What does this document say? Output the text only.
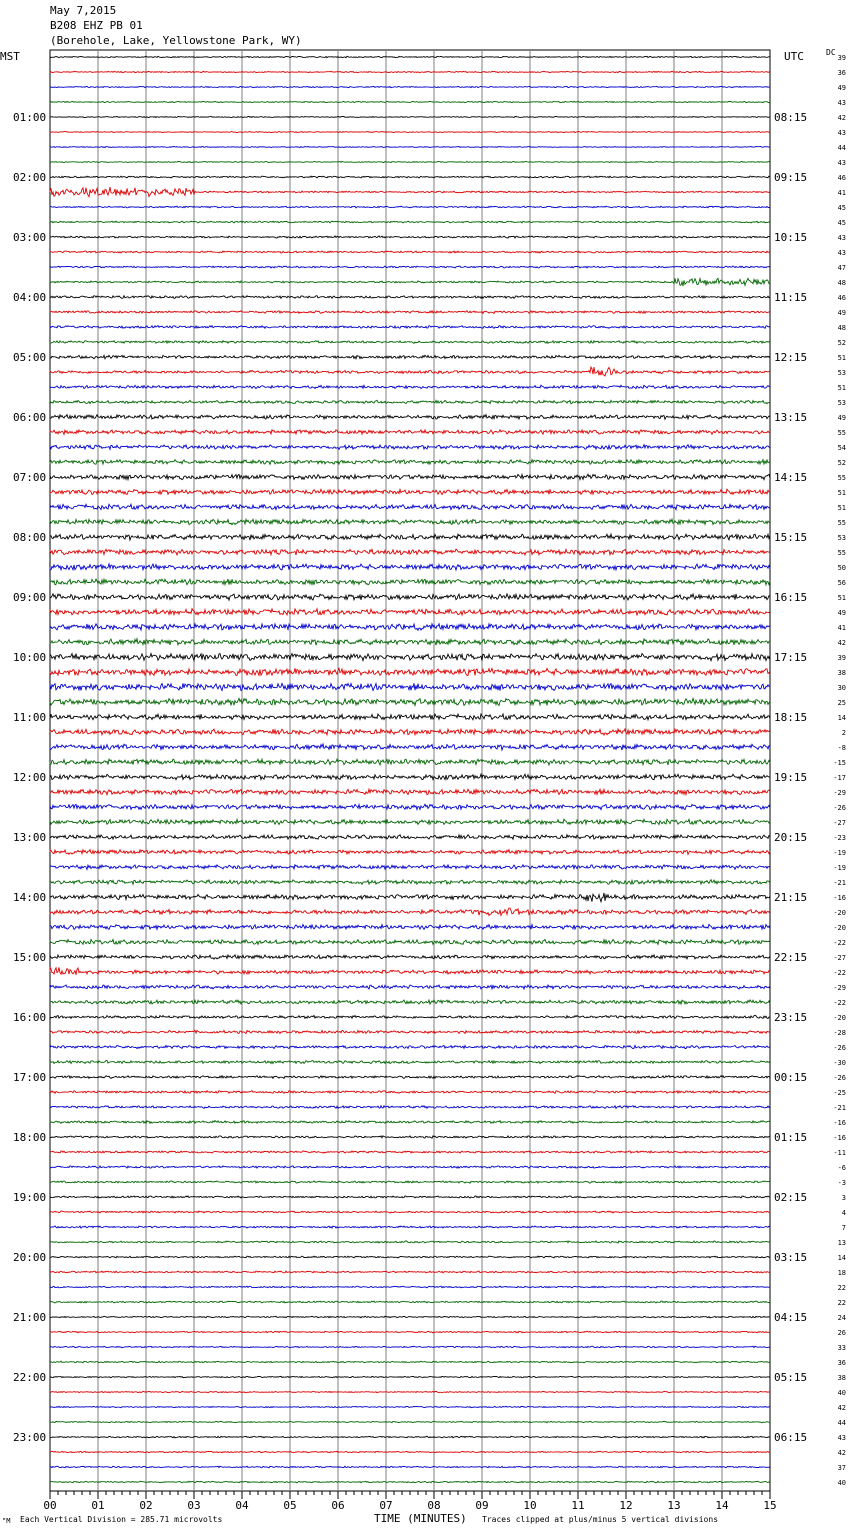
01:00
02:00
03:00
04:00
05:00
06:00
07:00
08:00
09:00
10:00
11:00
12:00
13:00
14:00
15:00
16:00
17:00
18:00
19:00
20:00
21:00
22:00
23:00
08:15
09:15
10:15
11:15
12:15
13:15
14:15
15:15
16:15
17:15
18:15
19:15
20:15
21:15
22:15
23:15
00:15
01:15
02:15
03:15
04:15
05:15
06:15
39
36
49
43
42
43
44
43
46
41
45
45
43
43
47
48
46
49
48
52
51
53
51
53
49
55
54
52
55
51
51
55
53
55
50
56
51
49
41
42
39
38
30
25
14
2
-8
-15
-17
-29
-26
-27
-23
-19
-19
-21
-16
-20
-20
-22
-27
-22
-29
-22
-20
-28
-26
-30
-26
-25
-21
-16
-16
-11
-6
-3
3
4
7
13
14
18
22
22
24
26
33
36
38
40
42
44
43
42
37
40
00	01	02	03	04	05	06	07	08	09	10	11	12	13	14	15
May 7,2015
B208 EHZ PB 01
(Borehole, Lake, Yellowstone Park, WY)
MST	UTC	DC
Each Vertical Division = 285.71 microvolts
"M	TIME (MINUTES) Traces clipped at plus/minus 5 vertical divisions
